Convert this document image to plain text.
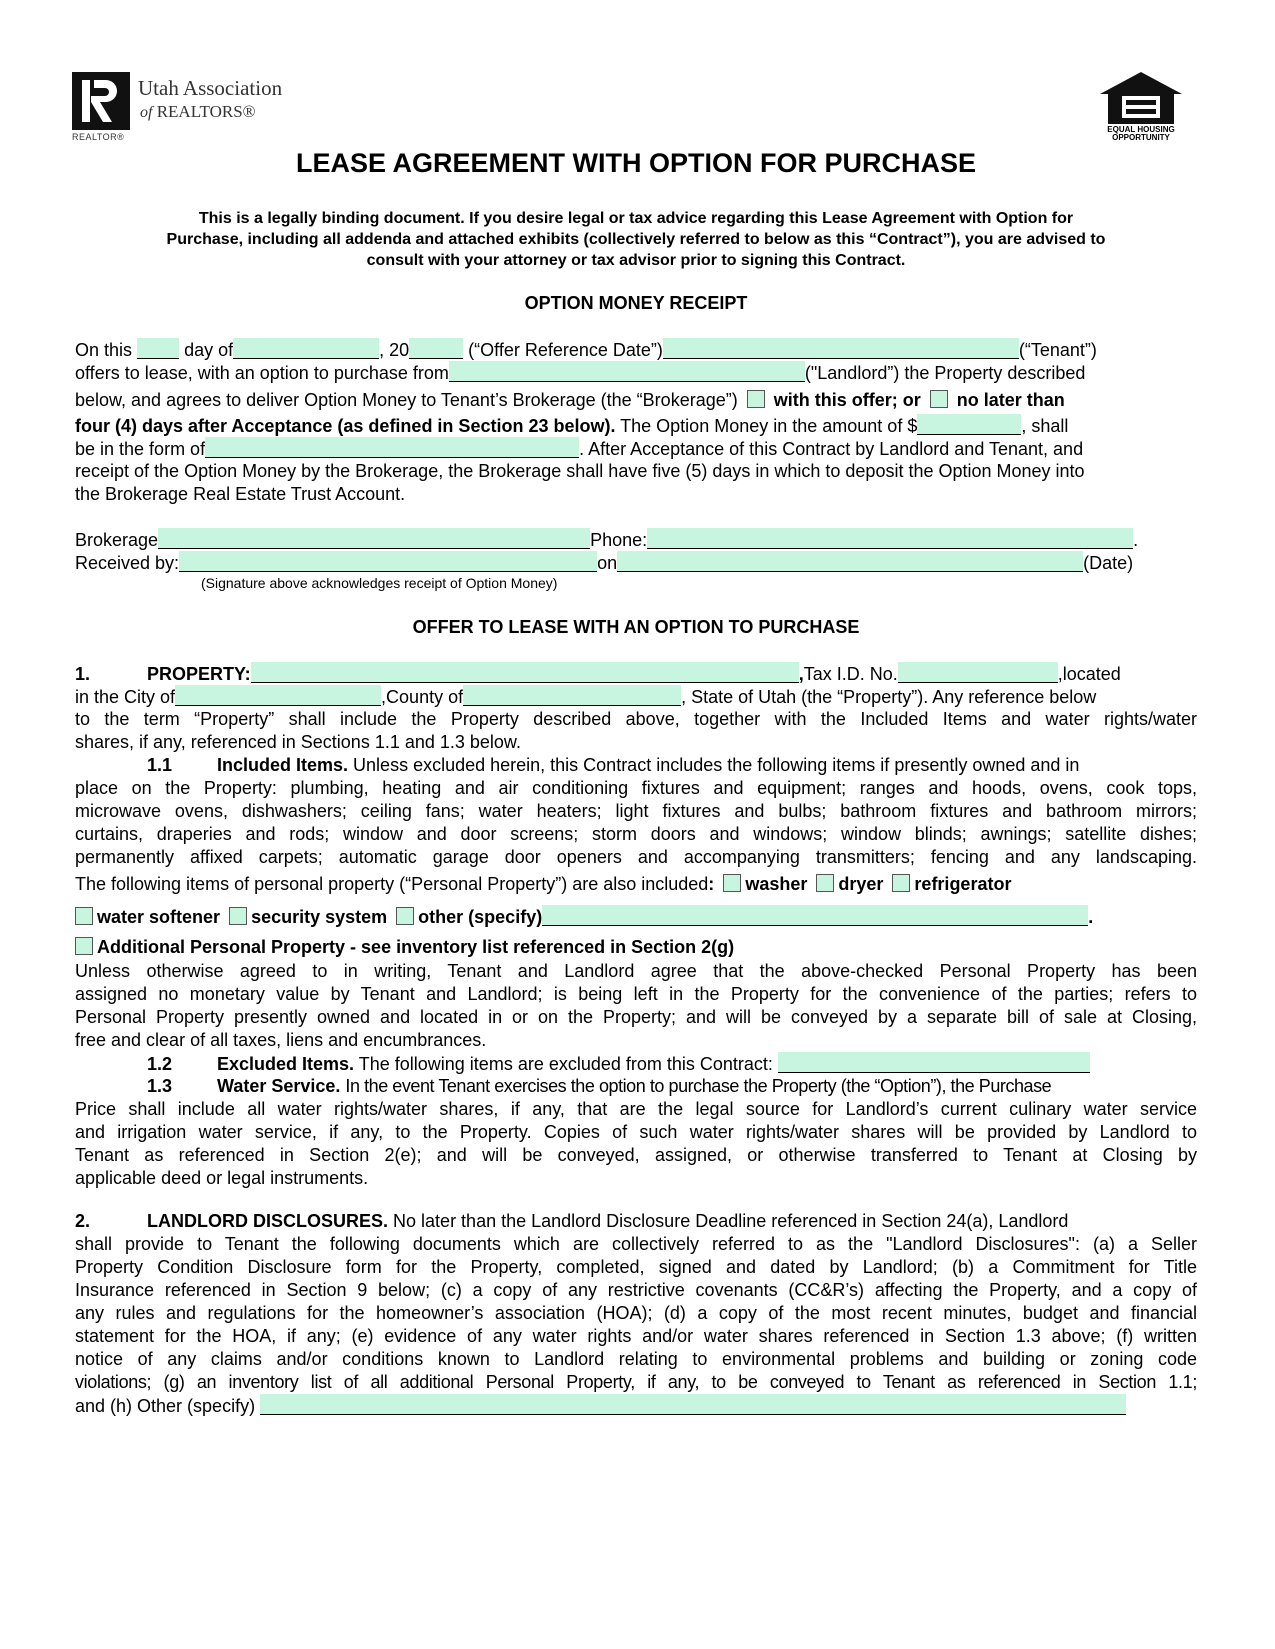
Utah Association
of REALTORS®
REALTOR®
EQUAL HOUSING
OPPORTUNITY
LEASE AGREEMENT WITH OPTION FOR PURCHASE
This is a legally binding document. If you desire legal or tax advice regarding this Lease Agreement with Option for
Purchase, including all addenda and attached exhibits (collectively referred to below as this “Contract”), you are advised to
consult with your attorney or tax advisor prior to signing this Contract.
OPTION MONEY RECEIPT
On this	day of	, 20	(“Offer Reference Date”)	(“Tenant”)
offers to lease, with an option to purchase from	("Landlord”) the Property described
below, and agrees to deliver Option Money to Tenant’s Brokerage (the “Brokerage”) with this offer; or no later than
four (4) days after Acceptance (as defined in Section 23 below). The Option Money in the amount of $	, shall
be in the form of	. After Acceptance of this Contract by Landlord and Tenant, and
receipt of the Option Money by the Brokerage, the Brokerage shall have five (5) days in which to deposit the Option Money into
the Brokerage Real Estate Trust Account.
Brokerage	Phone:	.
Received by:	on	(Date)
(Signature above acknowledges receipt of Option Money)
OFFER TO LEASE WITH AN OPTION TO PURCHASE
1.	PROPERTY:	,Tax I.D. No.	,located
in the City of	,County of	, State of Utah (the “Property”). Any reference below
to the term “Property” shall include the Property described above, together with the Included Items and water rights/water
shares, if any, referenced in Sections 1.1 and 1.3 below.
1.1 Included Items. Unless excluded herein, this Contract includes the following items if presently owned and in
place on the Property: plumbing, heating and air conditioning fixtures and equipment; ranges and hoods, ovens, cook tops,
microwave ovens, dishwashers; ceiling fans; water heaters; light fixtures and bulbs; bathroom fixtures and bathroom mirrors;
curtains, draperies and rods; window and door screens; storm doors and windows; window blinds; awnings; satellite dishes;
permanently affixed carpets; automatic garage door openers and accompanying transmitters; fencing and any landscaping.
The following items of personal property (“Personal Property”) are also included: washer dryer refrigerator
water softener security system other (specify)	.
Additional Personal Property - see inventory list referenced in Section 2(g)
Unless otherwise agreed to in writing, Tenant and Landlord agree that the above-checked Personal Property has been
assigned no monetary value by Tenant and Landlord; is being left in the Property for the convenience of the parties; refers to
Personal Property presently owned and located in or on the Property; and will be conveyed by a separate bill of sale at Closing,
free and clear of all taxes, liens and encumbrances.
1.2 Excluded Items. The following items are excluded from this Contract:
1.3 Water Service. In the event Tenant exercises the option to purchase the Property (the “Option”), the Purchase
Price shall include all water rights/water shares, if any, that are the legal source for Landlord’s current culinary water service
and irrigation water service, if any, to the Property. Copies of such water rights/water shares will be provided by Landlord to
Tenant as referenced in Section 2(e); and will be conveyed, assigned, or otherwise transferred to Tenant at Closing by
applicable deed or legal instruments.
2.	LANDLORD DISCLOSURES. No later than the Landlord Disclosure Deadline referenced in Section 24(a), Landlord
shall provide to Tenant the following documents which are collectively referred to as the "Landlord Disclosures": (a) a Seller
Property Condition Disclosure form for the Property, completed, signed and dated by Landlord; (b) a Commitment for Title
Insurance referenced in Section 9 below; (c) a copy of any restrictive covenants (CC&R’s) affecting the Property, and a copy of
any rules and regulations for the homeowner’s association (HOA); (d) a copy of the most recent minutes, budget and financial
statement for the HOA, if any; (e) evidence of any water rights and/or water shares referenced in Section 1.3 above; (f) written
notice of any claims and/or conditions known to Landlord relating to environmental problems and building or zoning code
violations; (g) an inventory list of all additional Personal Property, if any, to be conveyed to Tenant as referenced in Section 1.1;
and (h) Other (specify)
